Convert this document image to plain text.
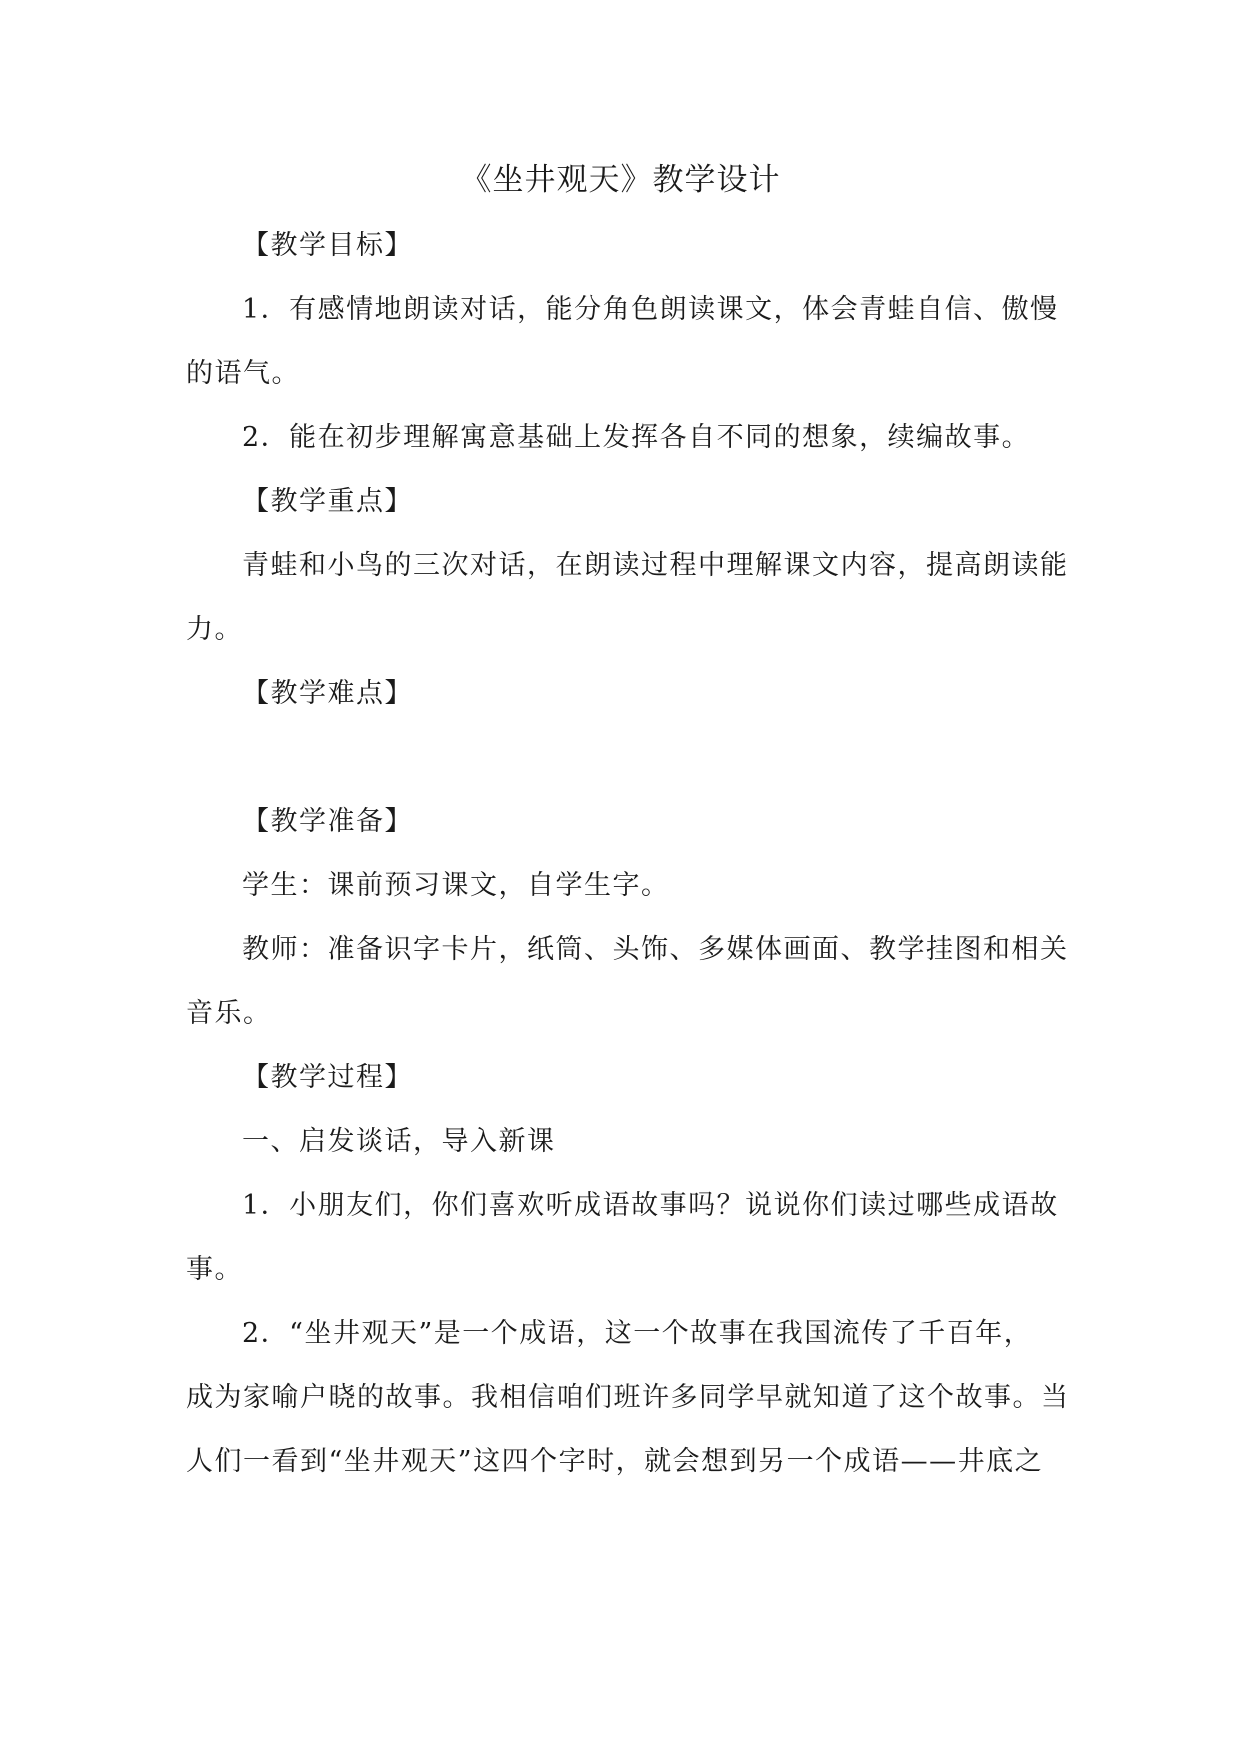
《坐井观天》教学设计
【教学目标】
1．有感情地朗读对话，能分角色朗读课文，体会青蛙自信、傲慢
的语气。
2．能在初步理解寓意基础上发挥各自不同的想象，续编故事。
【教学重点】
青蛙和小鸟的三次对话，在朗读过程中理解课文内容，提高朗读能
力。
【教学难点】
【教学准备】
学生：课前预习课文，自学生字。
教师：准备识字卡片，纸筒、头饰、多媒体画面、教学挂图和相关
音乐。
【教学过程】
一、启发谈话，导入新课
1．小朋友们，你们喜欢听成语故事吗？说说你们读过哪些成语故
事。
2．“坐井观天”是一个成语，这一个故事在我国流传了千百年，
成为家喻户晓的故事。我相信咱们班许多同学早就知道了这个故事。当
人们一看到“坐井观天”这四个字时，就会想到另一个成语——井底之
